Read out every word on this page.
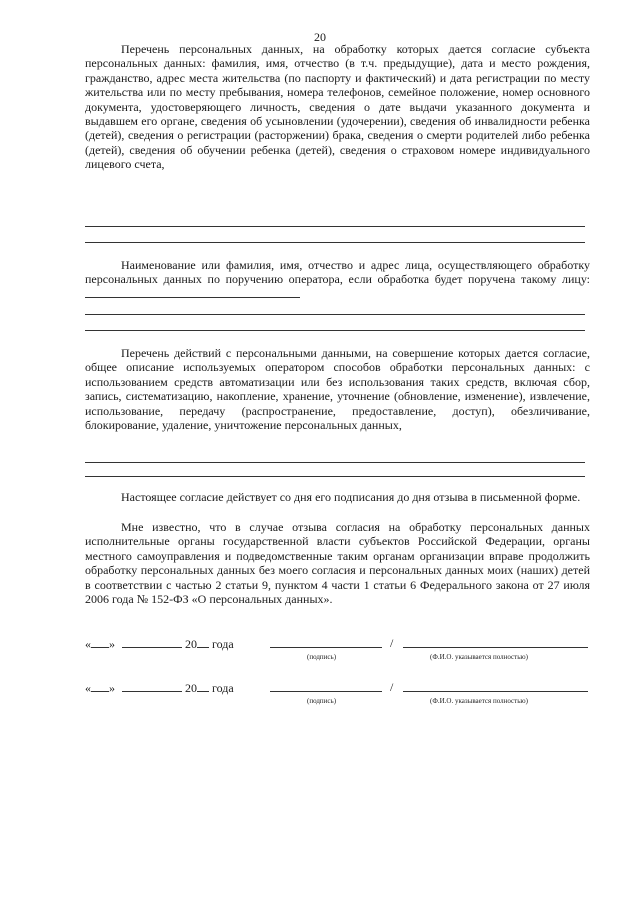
20

Перечень персональных данных, на обработку которых дается согласие субъекта персональных данных: фамилия, имя, отчество (в т.ч. предыдущие), дата и место рождения, гражданство, адрес места жительства (по паспорту и фактический) и дата регистрации по месту жительства или по месту пребывания, номера телефонов, семейное положение, номер основного документа, удостоверяющего личность, сведения о дате выдачи указанного документа и выдавшем его органе, сведения об усыновлении (удочерении), сведения об инвалидности ребенка (детей), сведения о регистрации (расторжении) брака, сведения о смерти родителей либо ребенка (детей), сведения об обучении ребенка (детей), сведения о страховом номере индивидуального лицевого счета,

Наименование или фамилия, имя, отчество и адрес лица, осуществляющего обработку персональных данных по поручению оператора, если обработка будет поручена такому лицу:

Перечень действий с персональными данными, на совершение которых дается согласие, общее описание используемых оператором способов обработки персональных данных: с использованием средств автоматизации или без использования таких средств, включая сбор, запись, систематизацию, накопление, хранение, уточнение (обновление, изменение), извлечение, использование, передачу (распространение, предоставление, доступ), обезличивание, блокирование, удаление, уничтожение персональных данных,

Настоящее согласие действует со дня его подписания до дня отзыва в письменной форме.

Мне известно, что в случае отзыва согласия на обработку персональных данных исполнительные органы государственной власти субъектов Российской Федерации, органы местного самоуправления и подведомственные таким органам организации вправе продолжить обработку персональных данных без моего согласия и персональных данных моих (наших) детей в соответствии с частью 2 статьи 9, пунктом 4 части 1 статьи 6 Федерального закона от 27 июля 2006 года № 152-ФЗ «О персональных данных».

« »	20 года	/
(подпись)	(Ф.И.О. указывается полностью)
« »	20 года	/
(подпись)	(Ф.И.О. указывается полностью)
